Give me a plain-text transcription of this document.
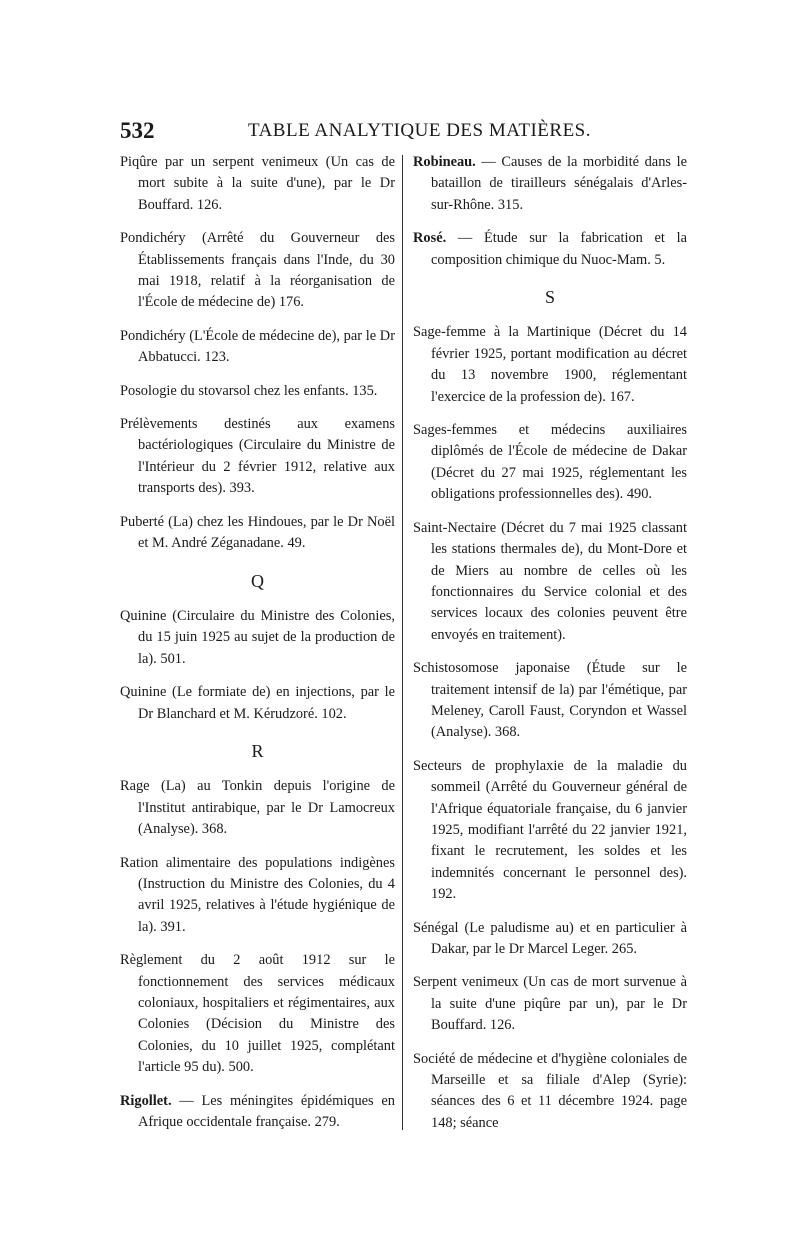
532	TABLE ANALYTIQUE DES MATIÈRES.
Piqûre par un serpent venimeux (Un cas de mort subite à la suite d'une), par le Dr Bouffard. 126.
Pondichéry (Arrêté du Gouverneur des Établissements français dans l'Inde, du 30 mai 1918, relatif à la réorganisation de l'École de médecine de) 176.
Pondichéry (L'École de médecine de), par le Dr Abbatucci. 123.
Posologie du stovarsol chez les enfants. 135.
Prélèvements destinés aux examens bactériologiques (Circulaire du Ministre de l'Intérieur du 2 février 1912, relative aux transports des). 393.
Puberté (La) chez les Hindoues, par le Dr Noël et M. André Zéganadane. 49.
Q
Quinine (Circulaire du Ministre des Colonies, du 15 juin 1925 au sujet de la production de la). 501.
Quinine (Le formiate de) en injections, par le Dr Blanchard et M. Kérudzoré. 102.
R
Rage (La) au Tonkin depuis l'origine de l'Institut antirabique, par le Dr Lamocreux (Analyse). 368.
Ration alimentaire des populations indigènes (Instruction du Ministre des Colonies, du 4 avril 1925, relatives à l'étude hygiénique de la). 391.
Règlement du 2 août 1912 sur le fonctionnement des services médicaux coloniaux, hospitaliers et régimentaires, aux Colonies (Décision du Ministre des Colonies, du 10 juillet 1925, complétant l'article 95 du). 500.
Rigollet. — Les méningites épidémiques en Afrique occidentale française. 279.
Robineau. — Causes de la morbidité dans le bataillon de tirailleurs sénégalais d'Arles-sur-Rhône. 315.
Rosé. — Étude sur la fabrication et la composition chimique du Nuoc-Mam. 5.
S
Sage-femme à la Martinique (Décret du 14 février 1925, portant modification au décret du 13 novembre 1900, réglementant l'exercice de la profession de). 167.
Sages-femmes et médecins auxiliaires diplômés de l'École de médecine de Dakar (Décret du 27 mai 1925, réglementant les obligations professionnelles des). 490.
Saint-Nectaire (Décret du 7 mai 1925 classant les stations thermales de), du Mont-Dore et de Miers au nombre de celles où les fonctionnaires du Service colonial et des services locaux des colonies peuvent être envoyés en traitement).
Schistosomose japonaise (Étude sur le traitement intensif de la) par l'émétique, par Meleney, Caroll Faust, Coryndon et Wassel (Analyse). 368.
Secteurs de prophylaxie de la maladie du sommeil (Arrêté du Gouverneur général de l'Afrique équatoriale française, du 6 janvier 1925, modifiant l'arrêté du 22 janvier 1921, fixant le recrutement, les soldes et les indemnités concernant le personnel des). 192.
Sénégal (Le paludisme au) et en particulier à Dakar, par le Dr Marcel Leger. 265.
Serpent venimeux (Un cas de mort survenue à la suite d'une piqûre par un), par le Dr Bouffard. 126.
Société de médecine et d'hygiène coloniales de Marseille et sa filiale d'Alep (Syrie): séances des 6 et 11 décembre 1924. page 148; séance
